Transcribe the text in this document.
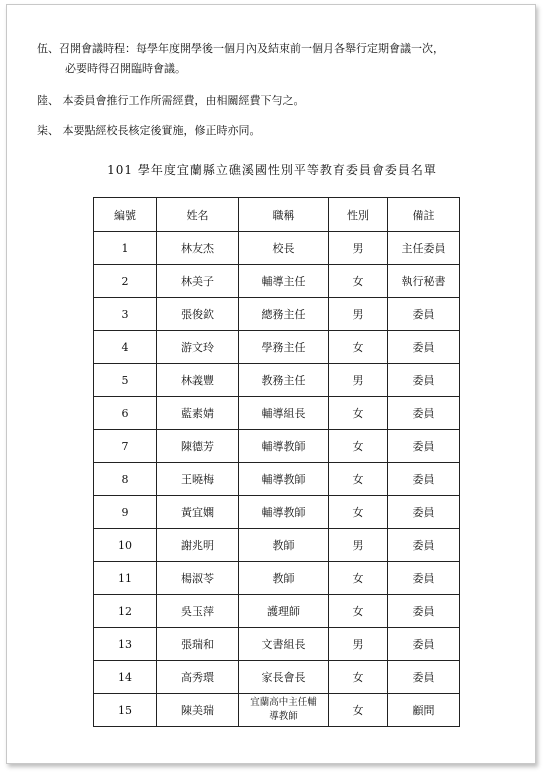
伍、召開會議時程：每學年度開學後一個月內及結束前一個月各舉行定期會議一次，
必要時得召開臨時會議。
陸、 本委員會推行工作所需經費，由相關經費下勻之。
柒、 本要點經校長核定後實施，修正時亦同。
101 學年度宜蘭縣立礁溪國性別平等教育委員會委員名單
編號	姓名	職稱	性別	備註
1	林友杰	校長	男	主任委員
2	林美子	輔導主任	女	執行秘書
3	張俊欽	總務主任	男	委員
4	游文玲	學務主任	女	委員
5	林義豐	教務主任	男	委員
6	藍素婧	輔導組長	女	委員
7	陳德芳	輔導教師	女	委員
8	王曉梅	輔導教師	女	委員
9	黃宜嫻	輔導教師	女	委員
10	謝兆明	教師	男	委員
11	楊淑苓	教師	女	委員
12	吳玉萍	護理師	女	委員
13	張瑞和	文書組長	男	委員
14	高秀環	家長會長	女	委員
15	陳美瑞	宜蘭高中主任輔
導教師	女	顧問
